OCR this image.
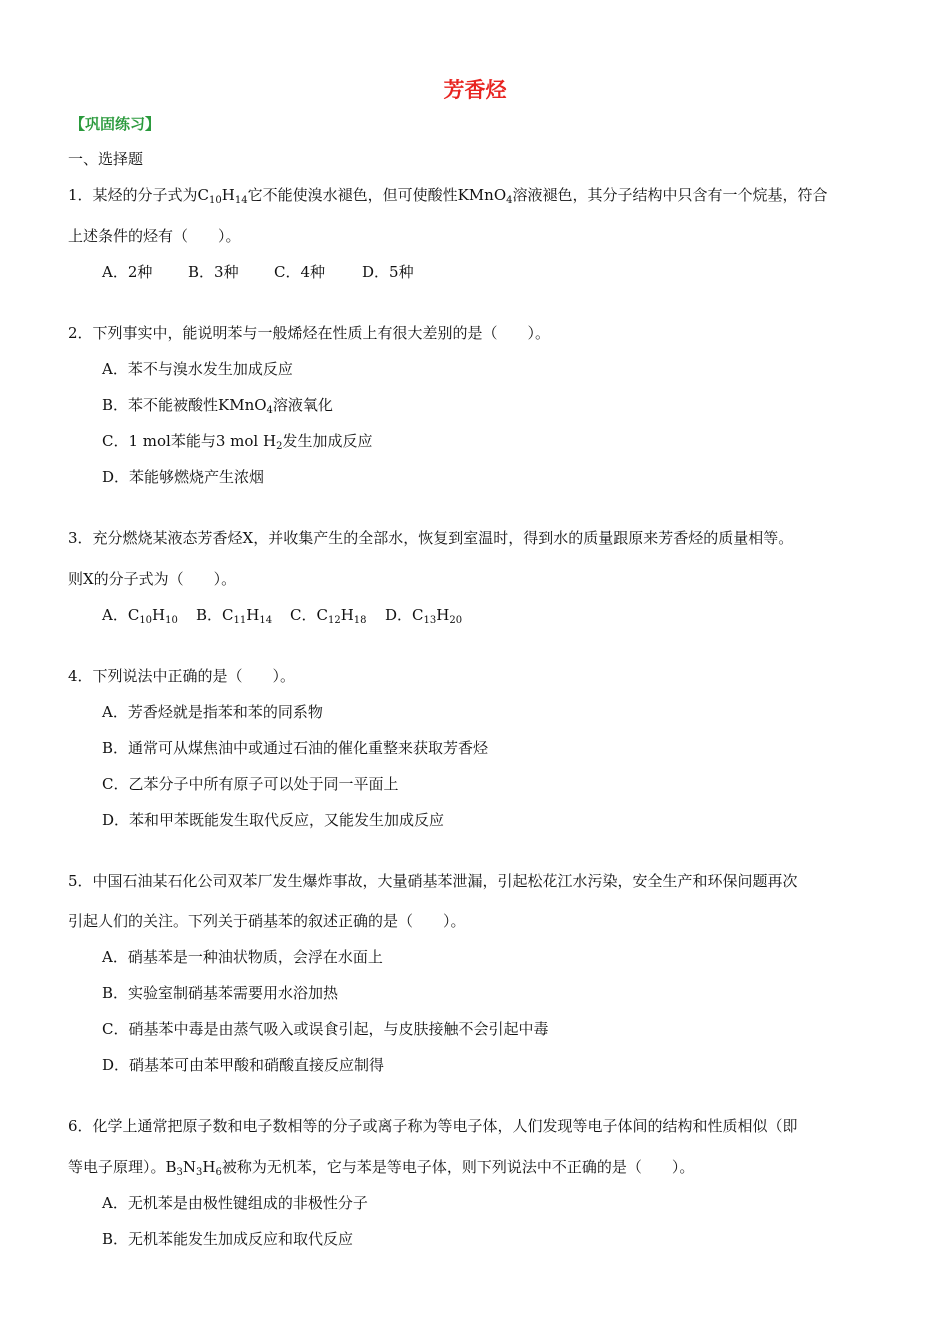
芳香烃
【巩固练习】
一、选择题
1．某烃的分子式为$C_{10}H_{14}$它不能使溴水褪色，但可使酸性KMnO$_4$溶液褪色，其分子结构中只含有一个烷基，符合
上述条件的烃有（　　）。
A．2种 B．3种 C．4种 D．5种
2．下列事实中，能说明苯与一般烯烃在性质上有很大差别的是（　　）。
A．苯不与溴水发生加成反应
B．苯不能被酸性KMnO$_4$溶液氧化
C．1 mol苯能与3 mol $H_2$发生加成反应
D．苯能够燃烧产生浓烟
3．充分燃烧某液态芳香烃X，并收集产生的全部水，恢复到室温时，得到水的质量跟原来芳香烃的质量相等。
则X的分子式为（　　）。
A．$C_{10}H_{10}$ B．$C_{11}H_{14}$ C．$C_{12}H_{18}$ D．$C_{13}H_{20}$
4．下列说法中正确的是（　　）。
A．芳香烃就是指苯和苯的同系物
B．通常可从煤焦油中或通过石油的催化重整来获取芳香烃
C．乙苯分子中所有原子可以处于同一平面上
D．苯和甲苯既能发生取代反应，又能发生加成反应
5．中国石油某石化公司双苯厂发生爆炸事故，大量硝基苯泄漏，引起松花江水污染，安全生产和环保问题再次
引起人们的关注。下列关于硝基苯的叙述正确的是（　　）。
A．硝基苯是一种油状物质，会浮在水面上
B．实验室制硝基苯需要用水浴加热
C．硝基苯中毒是由蒸气吸入或误食引起，与皮肤接触不会引起中毒
D．硝基苯可由苯甲酸和硝酸直接反应制得
6．化学上通常把原子数和电子数相等的分子或离子称为等电子体，人们发现等电子体间的结构和性质相似（即
等电子原理）。$B_3N_3H_6$被称为无机苯，它与苯是等电子体，则下列说法中不正确的是（　　）。
A．无机苯是由极性键组成的非极性分子
B．无机苯能发生加成反应和取代反应
